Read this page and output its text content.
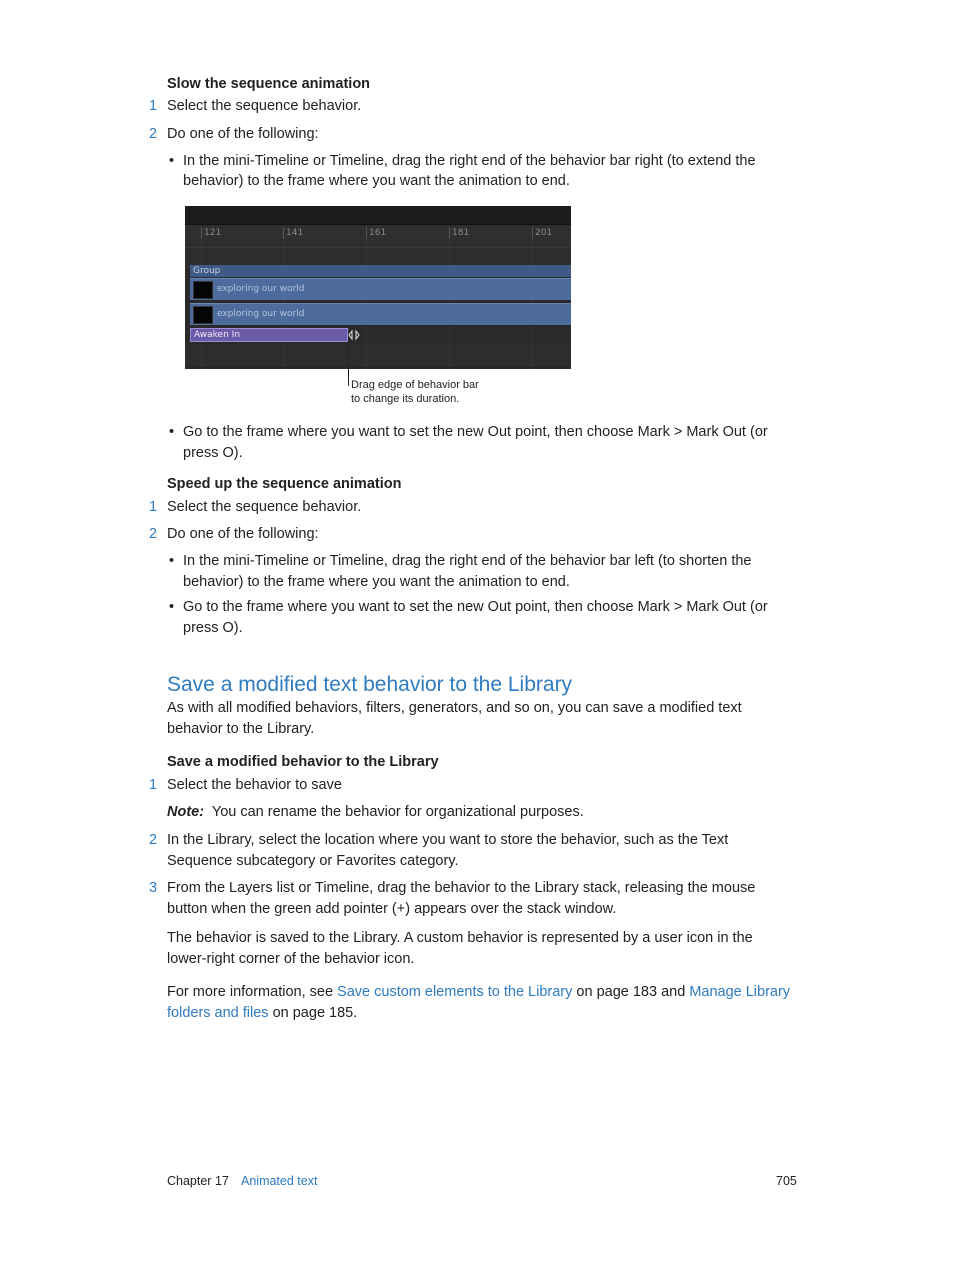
Slow the sequence animation
1 Select the sequence behavior.
2 Do one of the following:
• In the mini-Timeline or Timeline, drag the right end of the behavior bar right (to extend the
behavior) to the frame where you want the animation to end.
121	141	161	181	201
Group
exploring our world
exploring our world
Awaken In
Drag edge of behavior bar
to change its duration.
• Go to the frame where you want to set the new Out point, then choose Mark > Mark Out (or
press O).
Speed up the sequence animation
1 Select the sequence behavior.
2 Do one of the following:
• In the mini-Timeline or Timeline, drag the right end of the behavior bar left (to shorten the
behavior) to the frame where you want the animation to end.
• Go to the frame where you want to set the new Out point, then choose Mark > Mark Out (or
press O).
Save a modified text behavior to the Library
As with all modified behaviors, filters, generators, and so on, you can save a modified text
behavior to the Library.
Save a modified behavior to the Library
1 Select the behavior to save
Note: You can rename the behavior for organizational purposes.
2 In the Library, select the location where you want to store the behavior, such as the Text
Sequence subcategory or Favorites category.
3 From the Layers list or Timeline, drag the behavior to the Library stack, releasing the mouse
button when the green add pointer (+) appears over the stack window.
The behavior is saved to the Library. A custom behavior is represented by a user icon in the
lower-right corner of the behavior icon.
For more information, see Save custom elements to the Library on page 183 and Manage Library
folders and files on page 185.
Chapter 17 Animated text	705
